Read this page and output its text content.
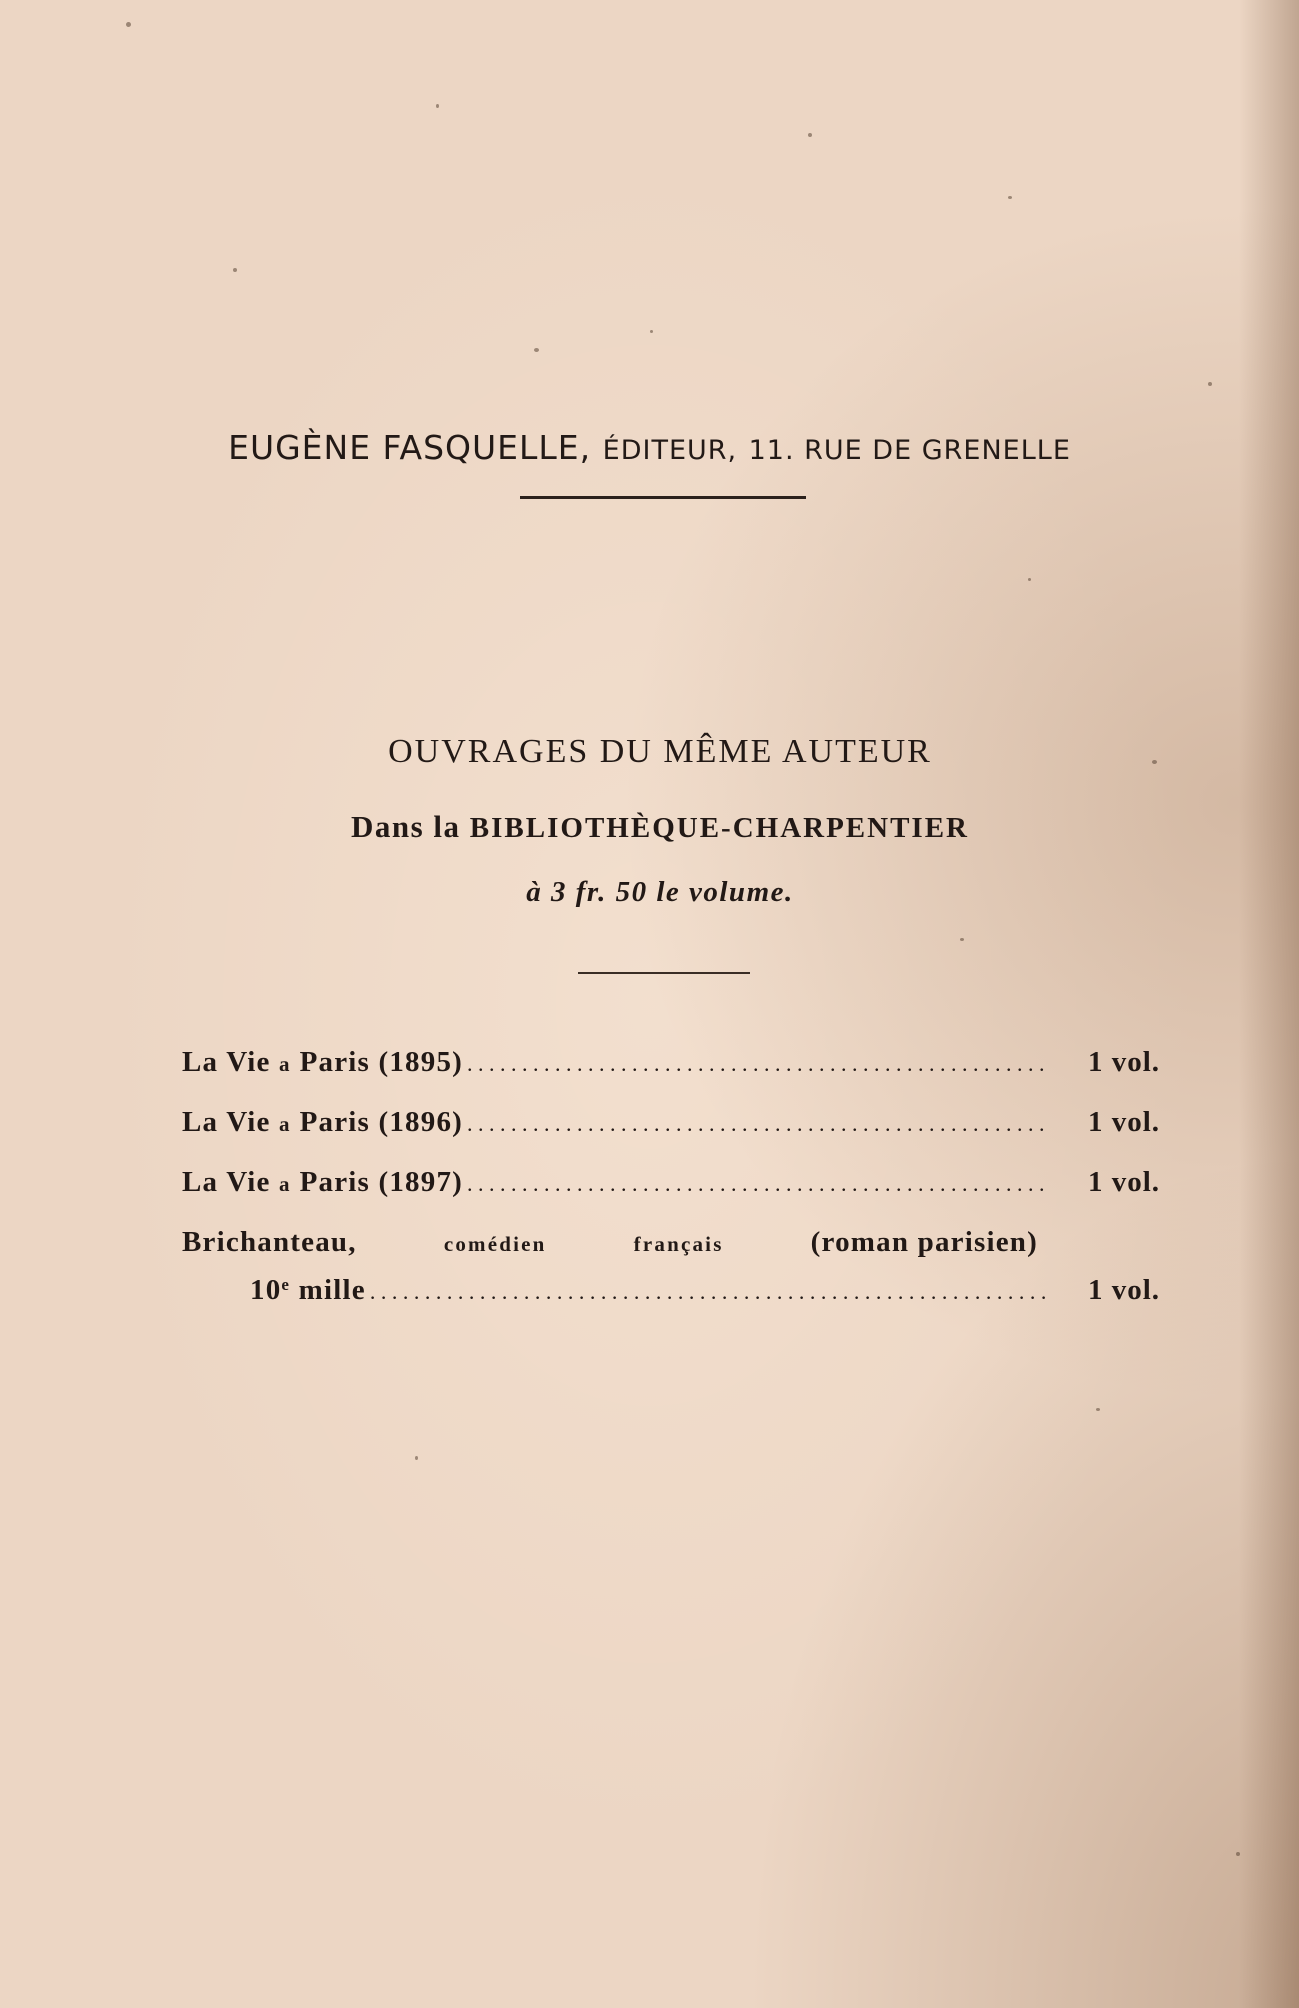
EUGÈNE FASQUELLE, ÉDITEUR, 11. RUE DE GRENELLE
OUVRAGES DU MÊME AUTEUR
Dans la BIBLIOTHÈQUE-CHARPENTIER
à 3 fr. 50 le volume.
La Vie a Paris (1895) . . .	1 vol.
La Vie a Paris (1896) . . .	1 vol.
La Vie a Paris (1897) . . .	1 vol.
Brichanteau,	comédien	français	(roman parisien)
10e mille . . .	1 vol.
